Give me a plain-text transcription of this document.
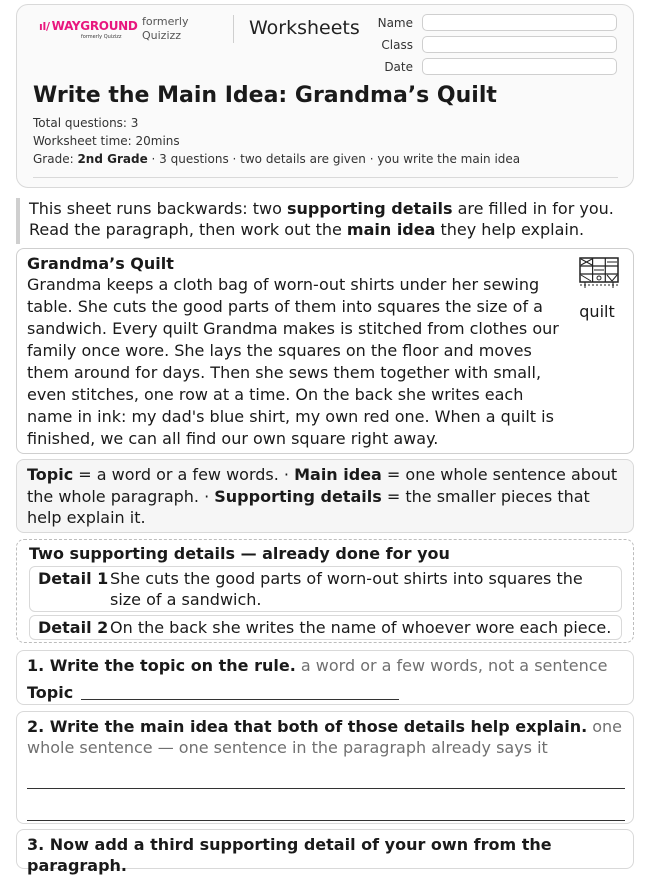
ıl/ WAYGROUND
formerly Quizizz
formerly
Quizizz	Worksheets	Name
Class
Date
Write the Main Idea: Grandma’s Quilt
Total questions: 3
Worksheet time: 20mins
Grade: 2nd Grade · 3 questions · two details are given · you write the main idea
This sheet runs backwards: two supporting details are filled in for you. Read the paragraph, then work out the main idea they help explain.
Grandma’s Quilt
Grandma keeps a cloth bag of worn-out shirts under her sewing table. She cuts the good parts of them into squares the size of a sandwich. Every quilt Grandma makes is stitched from clothes our family once wore. She lays the squares on the floor and moves them around for days. Then she sews them together with small, even stitches, one row at a time. On the back she writes each name in ink: my dad's blue shirt, my own red one. When a quilt is finished, we can all find our own square right away.
quilt
Topic = a word or a few words. · Main idea = one whole sentence about the whole paragraph. · Supporting details = the smaller pieces that help explain it.
Two supporting details — already done for you
Detail 1 She cuts the good parts of worn-out shirts into squares the size of a sandwich.
Detail 2 On the back she writes the name of whoever wore each piece.
1. Write the topic on the rule. a word or a few words, not a sentence
Topic
2. Write the main idea that both of those details help explain. one whole sentence — one sentence in the paragraph already says it
3. Now add a third supporting detail of your own from the paragraph.
